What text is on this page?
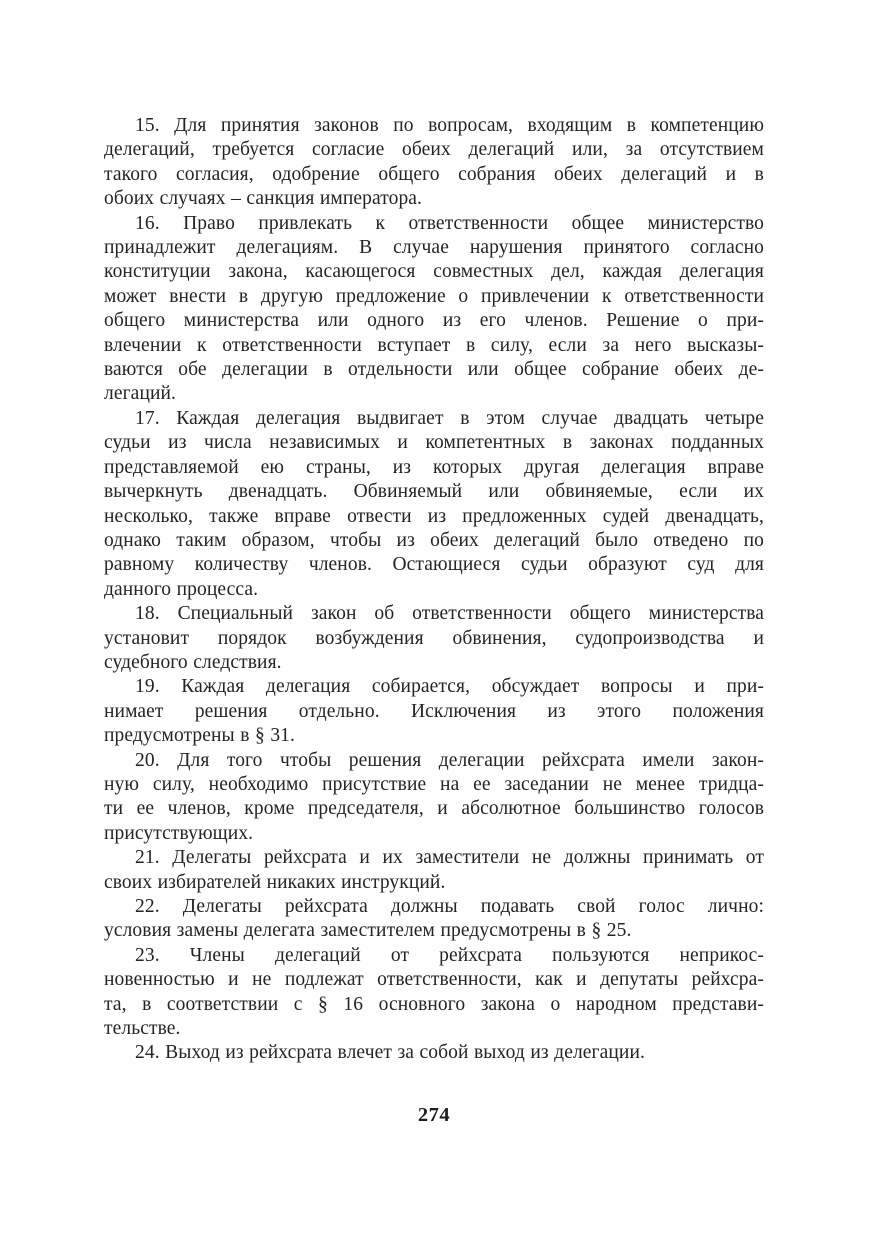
15. Для принятия законов по вопросам, входящим в компетенцию
делегаций, требуется согласие обеих делегаций или, за отсутствием
такого согласия, одобрение общего собрания обеих делегаций и в
обоих случаях – санкция императора.
16. Право привлекать к ответственности общее министерство
принадлежит делегациям. В случае нарушения принятого согласно
конституции закона, касающегося совместных дел, каждая делегация
может внести в другую предложение о привлечении к ответственности
общего министерства или одного из его членов. Решение о при-
влечении к ответственности вступает в силу, если за него высказы-
ваются обе делегации в отдельности или общее собрание обеих де-
легаций.
17. Каждая делегация выдвигает в этом случае двадцать четыре
судьи из числа независимых и компетентных в законах подданных
представляемой ею страны, из которых другая делегация вправе
вычеркнуть двенадцать. Обвиняемый или обвиняемые, если их
несколько, также вправе отвести из предложенных судей двенадцать,
однако таким образом, чтобы из обеих делегаций было отведено по
равному количеству членов. Остающиеся судьи образуют суд для
данного процесса.
18. Специальный закон об ответственности общего министерства
установит порядок возбуждения обвинения, судопроизводства и
судебного следствия.
19. Каждая делегация собирается, обсуждает вопросы и при-
нимает решения отдельно. Исключения из этого положения
предусмотрены в § 31.
20. Для того чтобы решения делегации рейхсрата имели закон-
ную силу, необходимо присутствие на ее заседании не менее тридца-
ти ее членов, кроме председателя, и абсолютное большинство голосов
присутствующих.
21. Делегаты рейхсрата и их заместители не должны принимать от
своих избирателей никаких инструкций.
22. Делегаты рейхсрата должны подавать свой голос лично:
условия замены делегата заместителем предусмотрены в § 25.
23. Члены делегаций от рейхсрата пользуются неприкос-
новенностью и не подлежат ответственности, как и депутаты рейхсра-
та, в соответствии с § 16 основного закона о народном представи-
тельстве.
24. Выход из рейхсрата влечет за собой выход из делегации.
274
